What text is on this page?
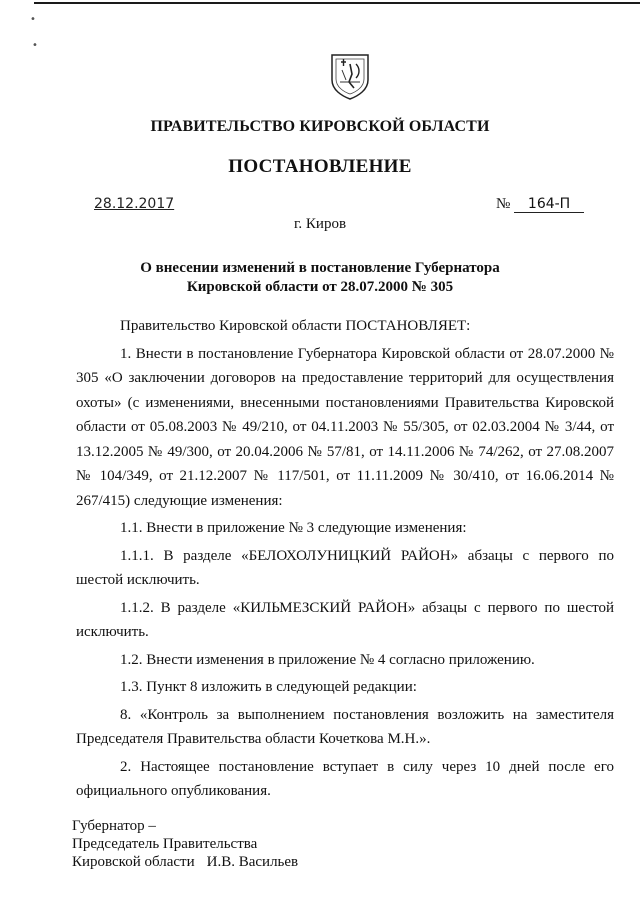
•
•
ПРАВИТЕЛЬСТВО КИРОВСКОЙ ОБЛАСТИ
ПОСТАНОВЛЕНИЕ
28.12.2017	№ 164-П
г. Киров
О внесении изменений в постановление Губернатора
Кировской области от 28.07.2000 № 305

Правительство Кировской области ПОСТАНОВЛЯЕТ:

1. Внести в постановление Губернатора Кировской области от 28.07.2000 № 305 «О заключении договоров на предоставление территорий для осуществления охоты» (с изменениями, внесенными постановлениями Правительства Кировской области от 05.08.2003 № 49/210, от 04.11.2003 № 55/305, от 02.03.2004 № 3/44, от 13.12.2005 № 49/300, от 20.04.2006 № 57/81, от 14.11.2006 № 74/262, от 27.08.2007 № 104/349, от 21.12.2007 № 117/501, от 11.11.2009 № 30/410, от 16.06.2014 № 267/415) следующие изменения:

1.1. Внести в приложение № 3 следующие изменения:

1.1.1. В разделе «БЕЛОХОЛУНИЦКИЙ РАЙОН» абзацы с первого по шестой исключить.

1.1.2. В разделе «КИЛЬМЕЗСКИЙ РАЙОН» абзацы с первого по шестой исключить.

1.2. Внести изменения в приложение № 4 согласно приложению.

1.3. Пункт 8 изложить в следующей редакции:

8. «Контроль за выполнением постановления возложить на заместителя Председателя Правительства области Кочеткова М.Н.».

2. Настоящее постановление вступает в силу через 10 дней после его официального опубликования.

Губернатор –
Председатель Правительства
Кировской области И.В. Васильев
